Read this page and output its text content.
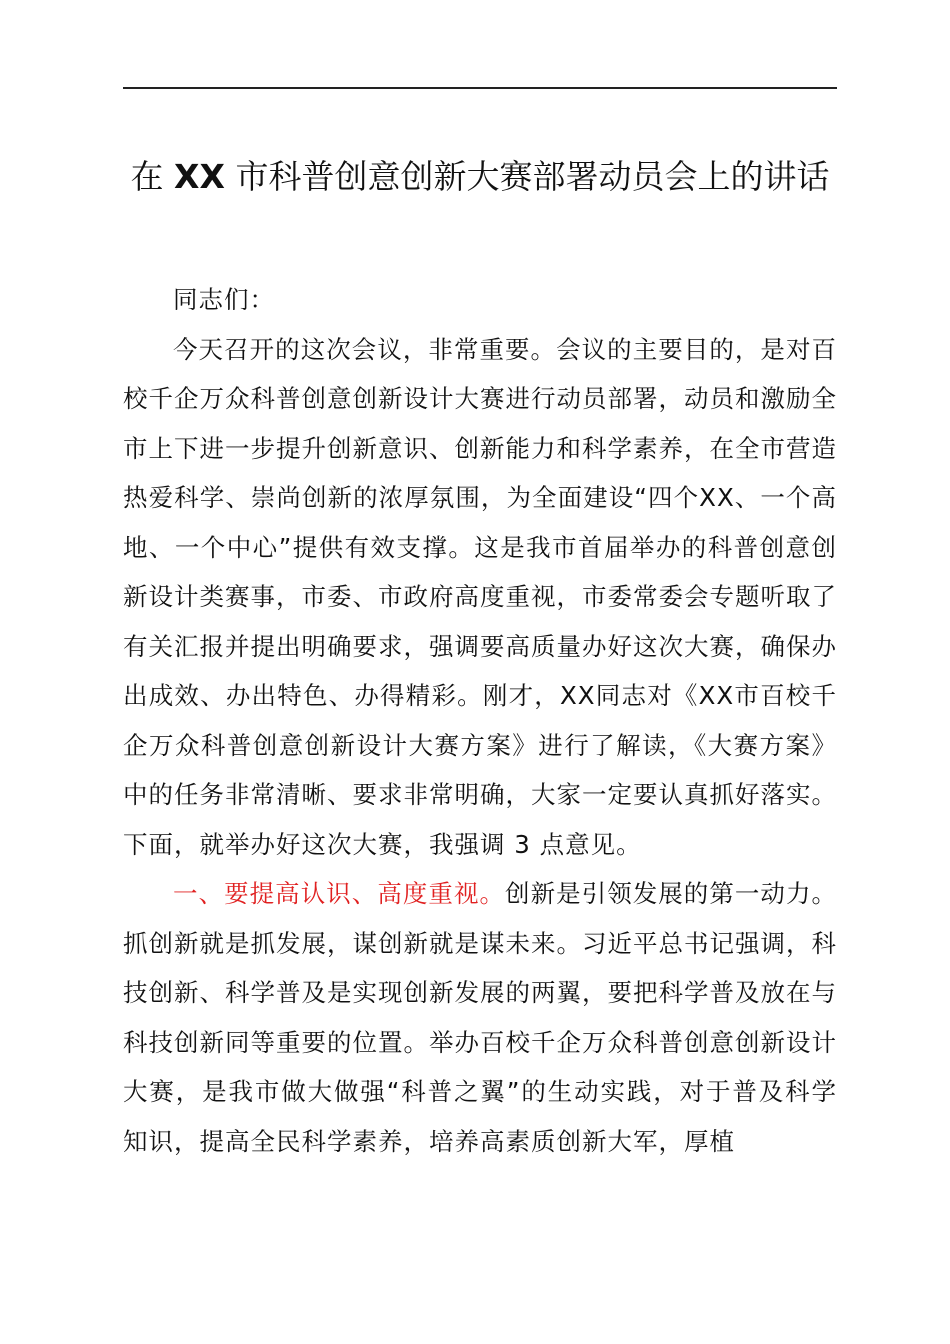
在 XX 市科普创意创新大赛部署动员会上的讲话

同志们：

今天召开的这次会议，非常重要。会议的主要目的，是对百校千企万众科普创意创新设计大赛进行动员部署，动员和激励全市上下进一步提升创新意识、创新能力和科学素养，在全市营造热爱科学、崇尚创新的浓厚氛围，为全面建设“四个XX、一个高地、一个中心”提供有效支撑。这是我市首届举办的科普创意创新设计类赛事，市委、市政府高度重视，市委常委会专题听取了有关汇报并提出明确要求，强调要高质量办好这次大赛，确保办出成效、办出特色、办得精彩。刚才，XX同志对《XX市百校千企万众科普创意创新设计大赛方案》进行了解读，《大赛方案》中的任务非常清晰、要求非常明确，大家一定要认真抓好落实。下面，就举办好这次大赛，我强调 3 点意见。

一、要提高认识、高度重视。创新是引领发展的第一动力。抓创新就是抓发展，谋创新就是谋未来。习近平总书记强调，科技创新、科学普及是实现创新发展的两翼，要把科学普及放在与科技创新同等重要的位置。举办百校千企万众科普创意创新设计大赛，是我市做大做强“科普之翼”的生动实践，对于普及科学知识，提高全民科学素养，培养高素质创新大军，厚植
